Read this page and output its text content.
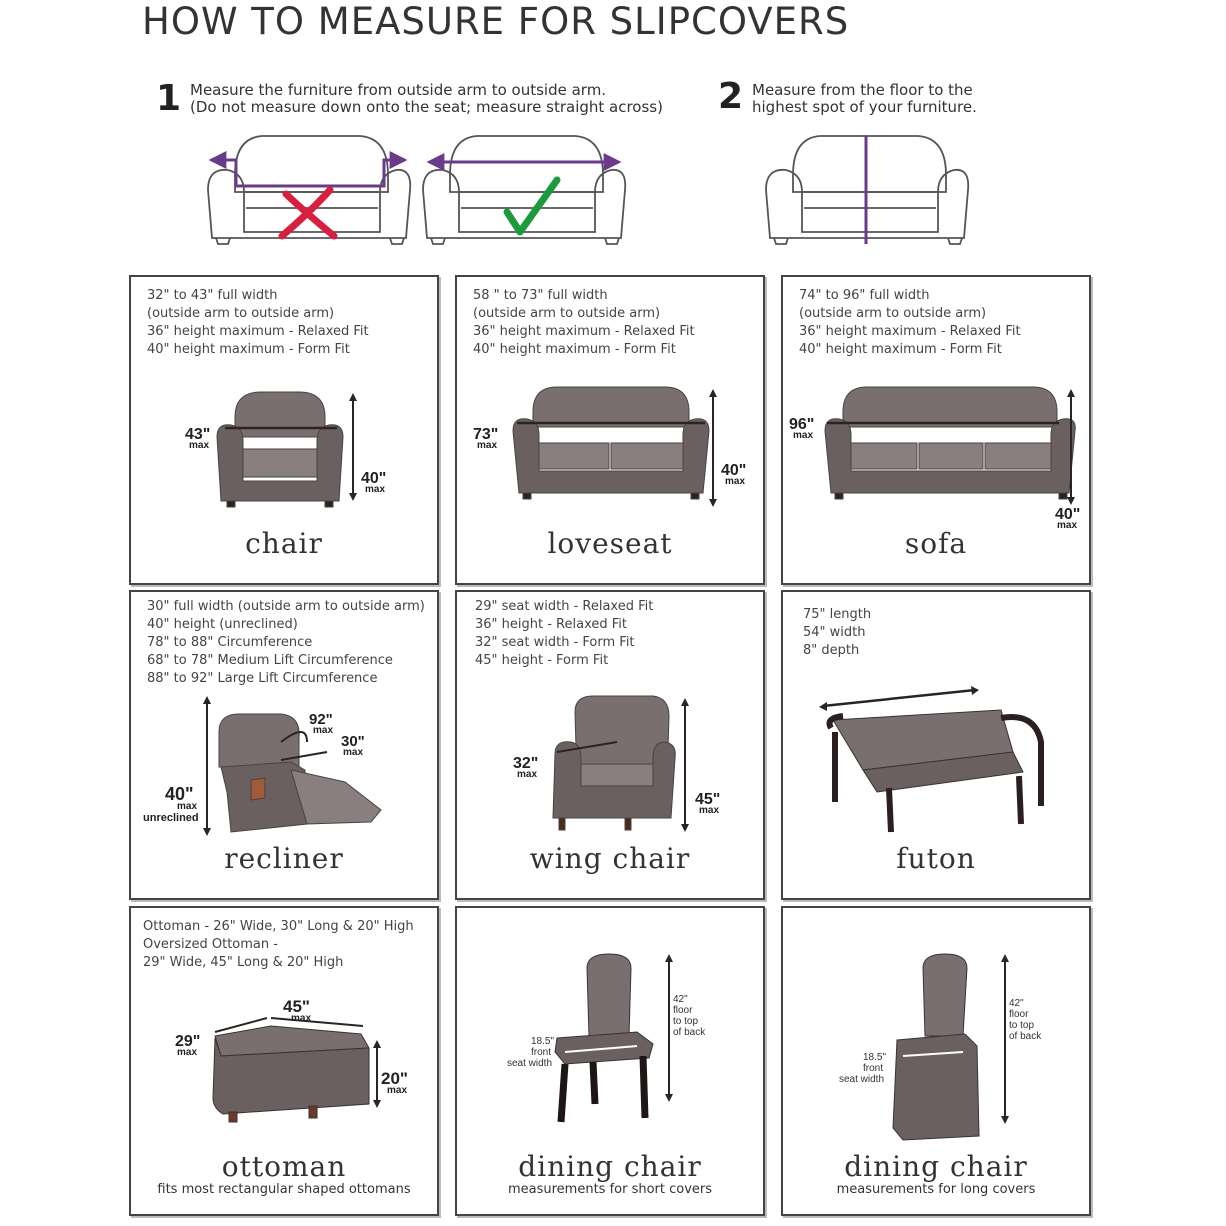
HOW TO MEASURE FOR SLIPCOVERS
1 Measure the furniture from outside arm to outside arm.
(Do not measure down onto the seat; measure straight across) 2 Measure from the floor to the
highest spot of your furniture.
32" to 43" full width
(outside arm to outside arm)
36" height maximum - Relaxed Fit
40" height maximum - Form Fit
43"
max
40"
max
chair
58 " to 73" full width
(outside arm to outside arm)
36" height maximum - Relaxed Fit
40" height maximum - Form Fit
73"
max
40"
max
loveseat
74" to 96" full width
(outside arm to outside arm)
36" height maximum - Relaxed Fit
40" height maximum - Form Fit
96"
max
40"
max
sofa
30" full width (outside arm to outside arm)
40" height (unreclined)
78" to 88" Circumference
68" to 78" Medium Lift Circumference
88" to 92" Large Lift Circumference
92"
max
30"
max
40"
max
unreclined
recliner
29" seat width - Relaxed Fit
36" height - Relaxed Fit
32" seat width - Form Fit
45" height - Form Fit
32"
max
45"
max
wing chair
75" length
54" width
8" depth
futon
Ottoman - 26" Wide, 30" Long & 20" High
Oversized Ottoman -
29" Wide, 45" Long & 20" High
45"
max
29"
max
20"
max
ottoman
fits most rectangular shaped ottomans
42"
floor
to top
of back
18.5"
front
seat width
dining chair
measurements for short covers
42"
floor
to top
of back
18.5"
front
seat width
dining chair
measurements for long covers
